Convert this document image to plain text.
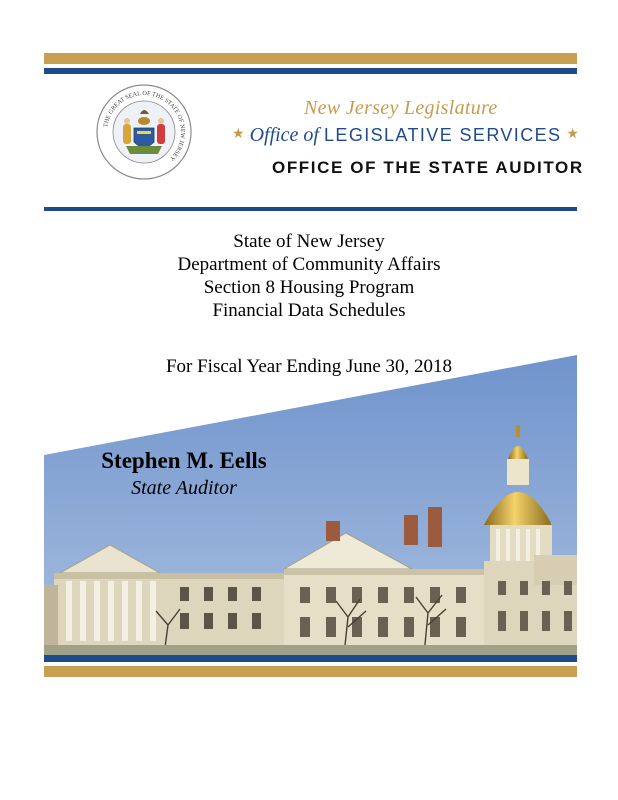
THE GREAT SEAL OF THE STATE OF NEW JERSEY
New Jersey Legislature
★ Office of LEGISLATIVE SERVICES ★
OFFICE OF THE STATE AUDITOR
State of New Jersey
Department of Community Affairs
Section 8 Housing Program
Financial Data Schedules
For Fiscal Year Ending June 30, 2018
Stephen M. Eells
State Auditor
